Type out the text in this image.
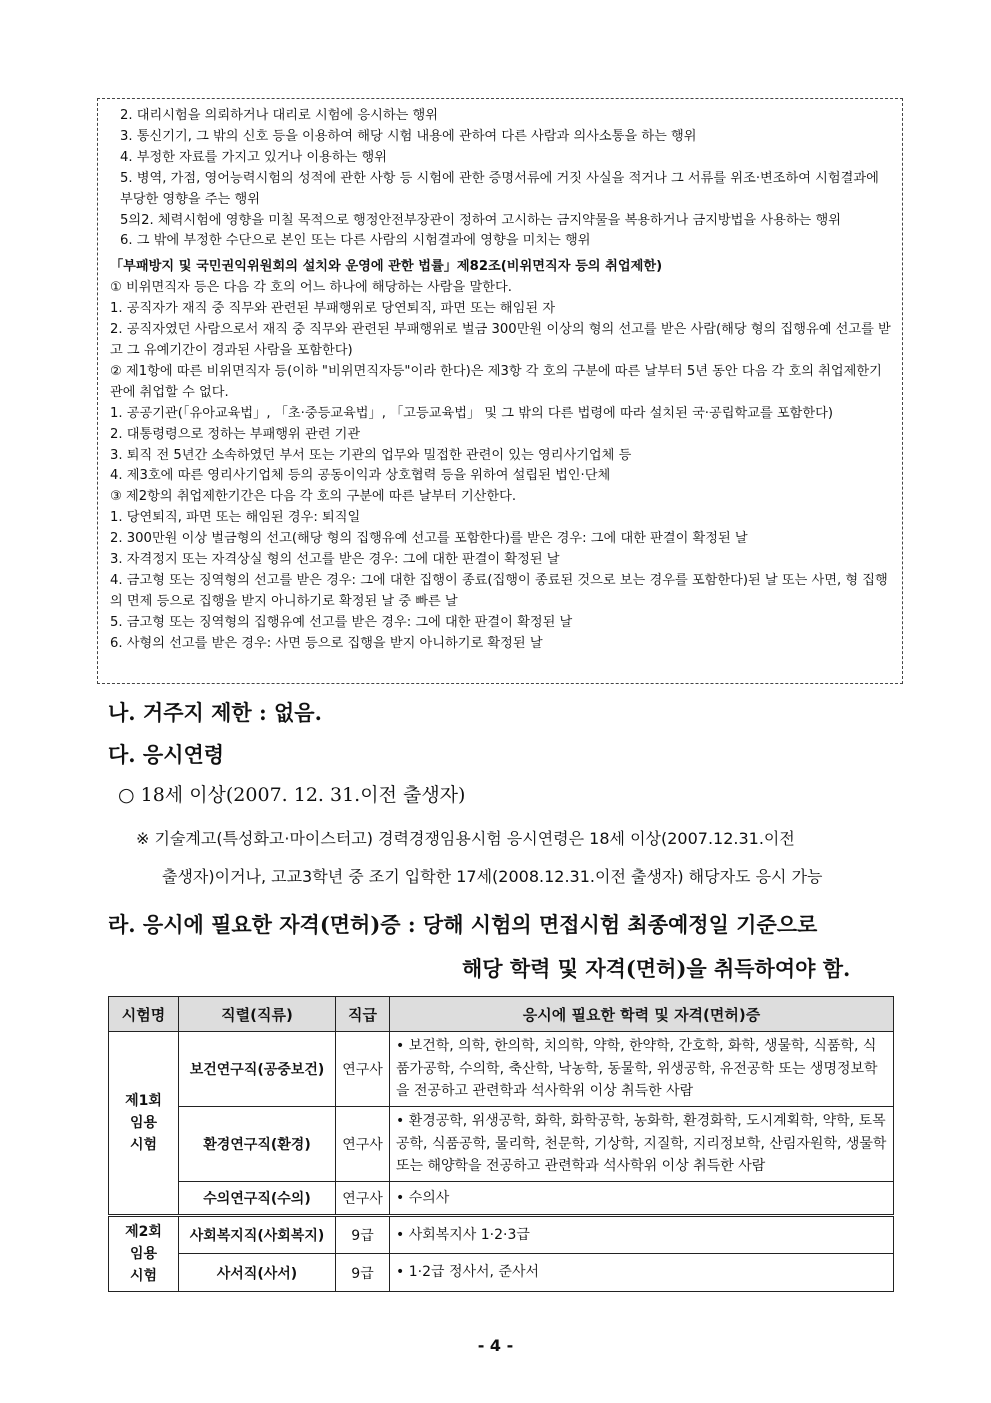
2. 대리시험을 의뢰하거나 대리로 시험에 응시하는 행위

3. 통신기기, 그 밖의 신호 등을 이용하여 해당 시험 내용에 관하여 다른 사람과 의사소통을 하는 행위

4. 부정한 자료를 가지고 있거나 이용하는 행위

5. 병역, 가점, 영어능력시험의 성적에 관한 사항 등 시험에 관한 증명서류에 거짓 사실을 적거나 그 서류를 위조·변조하여 시험결과에 부당한 영향을 주는 행위

5의2. 체력시험에 영향을 미칠 목적으로 행정안전부장관이 정하여 고시하는 금지약물을 복용하거나 금지방법을 사용하는 행위

6. 그 밖에 부정한 수단으로 본인 또는 다른 사람의 시험결과에 영향을 미치는 행위

「부패방지 및 국민권익위원회의 설치와 운영에 관한 법률」제82조(비위면직자 등의 취업제한)

① 비위면직자 등은 다음 각 호의 어느 하나에 해당하는 사람을 말한다.

1. 공직자가 재직 중 직무와 관련된 부패행위로 당연퇴직, 파면 또는 해임된 자

2. 공직자였던 사람으로서 재직 중 직무와 관련된 부패행위로 벌금 300만원 이상의 형의 선고를 받은 사람(해당 형의 집행유예 선고를 받고 그 유예기간이 경과된 사람을 포함한다)

② 제1항에 따른 비위면직자 등(이하 "비위면직자등"이라 한다)은 제3항 각 호의 구분에 따른 날부터 5년 동안 다음 각 호의 취업제한기관에 취업할 수 없다.

1. 공공기관(「유아교육법」, 「초·중등교육법」, 「고등교육법」 및 그 밖의 다른 법령에 따라 설치된 국·공립학교를 포함한다)

2. 대통령령으로 정하는 부패행위 관련 기관

3. 퇴직 전 5년간 소속하였던 부서 또는 기관의 업무와 밀접한 관련이 있는 영리사기업체 등

4. 제3호에 따른 영리사기업체 등의 공동이익과 상호협력 등을 위하여 설립된 법인·단체

③ 제2항의 취업제한기간은 다음 각 호의 구분에 따른 날부터 기산한다.

1. 당연퇴직, 파면 또는 해임된 경우: 퇴직일

2. 300만원 이상 벌금형의 선고(해당 형의 집행유예 선고를 포함한다)를 받은 경우: 그에 대한 판결이 확정된 날

3. 자격정지 또는 자격상실 형의 선고를 받은 경우: 그에 대한 판결이 확정된 날

4. 금고형 또는 징역형의 선고를 받은 경우: 그에 대한 집행이 종료(집행이 종료된 것으로 보는 경우를 포함한다)된 날 또는 사면, 형 집행의 면제 등으로 집행을 받지 아니하기로 확정된 날 중 빠른 날

5. 금고형 또는 징역형의 집행유예 선고를 받은 경우: 그에 대한 판결이 확정된 날

6. 사형의 선고를 받은 경우: 사면 등으로 집행을 받지 아니하기로 확정된 날

나. 거주지 제한 : 없음.
다. 응시연령
○ 18세 이상(2007. 12. 31.이전 출생자)
※ 기술계고(특성화고·마이스터고) 경력경쟁임용시험 응시연령은 18세 이상(2007.12.31.이전
출생자)이거나, 고교3학년 중 조기 입학한 17세(2008.12.31.이전 출생자) 해당자도 응시 가능
라. 응시에 필요한 자격(면허)증 : 당해 시험의 면접시험 최종예정일 기준으로
해당 학력 및 자격(면허)을 취득하여야 함.
시험명	직렬(직류)	직급	응시에 필요한 학력 및 자격(면허)증
제1회
임용
시험	보건연구직(공중보건)	연구사	• 보건학, 의학, 한의학, 치의학, 약학, 한약학, 간호학, 화학, 생물학, 식품학, 식품가공학, 수의학, 축산학, 낙농학, 동물학, 위생공학, 유전공학 또는 생명정보학을 전공하고 관련학과 석사학위 이상 취득한 사람
	환경연구직(환경)	연구사	• 환경공학, 위생공학, 화학, 화학공학, 농화학, 환경화학, 도시계획학, 약학, 토목공학, 식품공학, 물리학, 천문학, 기상학, 지질학, 지리정보학, 산림자원학, 생물학 또는 해양학을 전공하고 관련학과 석사학위 이상 취득한 사람
	수의연구직(수의)	연구사	• 수의사
제2회
임용
시험	사회복지직(사회복지)	9급	• 사회복지사 1·2·3급
	사서직(사서)	9급	• 1·2급 정사서, 준사서
- 4 -
